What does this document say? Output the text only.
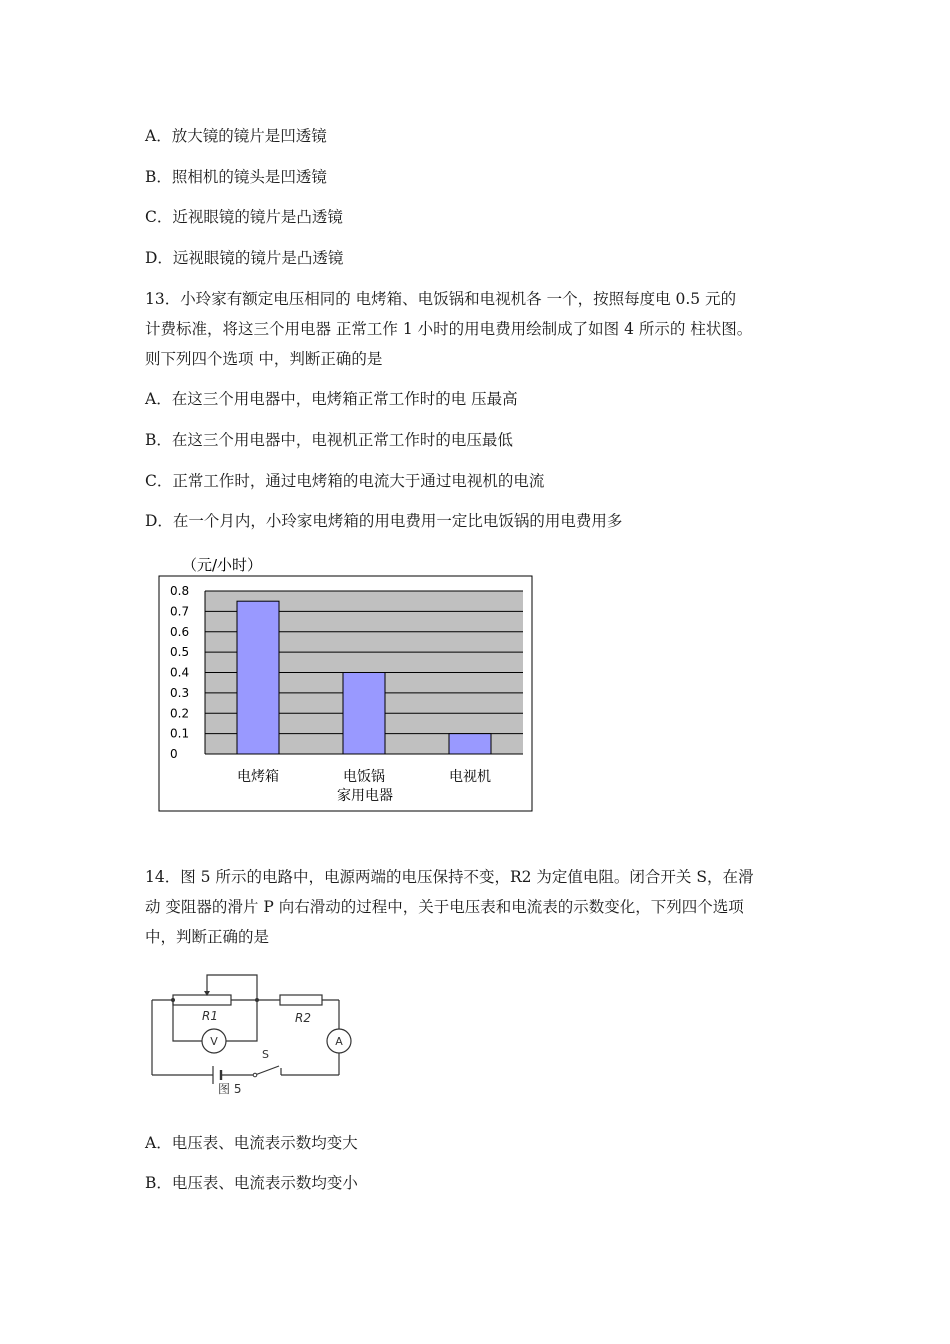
A．放大镜的镜片是凹透镜
B．照相机的镜头是凹透镜
C．近视眼镜的镜片是凸透镜
D．远视眼镜的镜片是凸透镜

13．小玲家有额定电压相同的 电烤箱、电饭锅和电视机各 一个，按照每度电 0.5 元的

计费标准，将这三个用电器 正常工作 1 小时的用电费用绘制成了如图 4 所示的 柱状图。

则下列四个选项 中，判断正确的是

A．在这三个用电器中，电烤箱正常工作时的电 压最高
B．在这三个用电器中，电视机正常工作时的电压最低
C．正常工作时，通过电烤箱的电流大于通过电视机的电流
D．在一个月内，小玲家电烤箱的用电费用一定比电饭锅的用电费用多
（元/小时）
0
0.1
0.2
0.3
0.4
0.5
0.6
0.7
0.8
电烤箱	电饭锅	电视机
家用电器

14．图 5 所示的电路中，电源两端的电压保持不变，R2 为定值电阻。闭合开关 S，在滑

动 变阻器的滑片 P 向右滑动的过程中，关于电压表和电流表的示数变化，下列四个选项

中，判断正确的是

R1	R2
V	A
S
图 5
A．电压表、电流表示数均变大
B．电压表、电流表示数均变小
